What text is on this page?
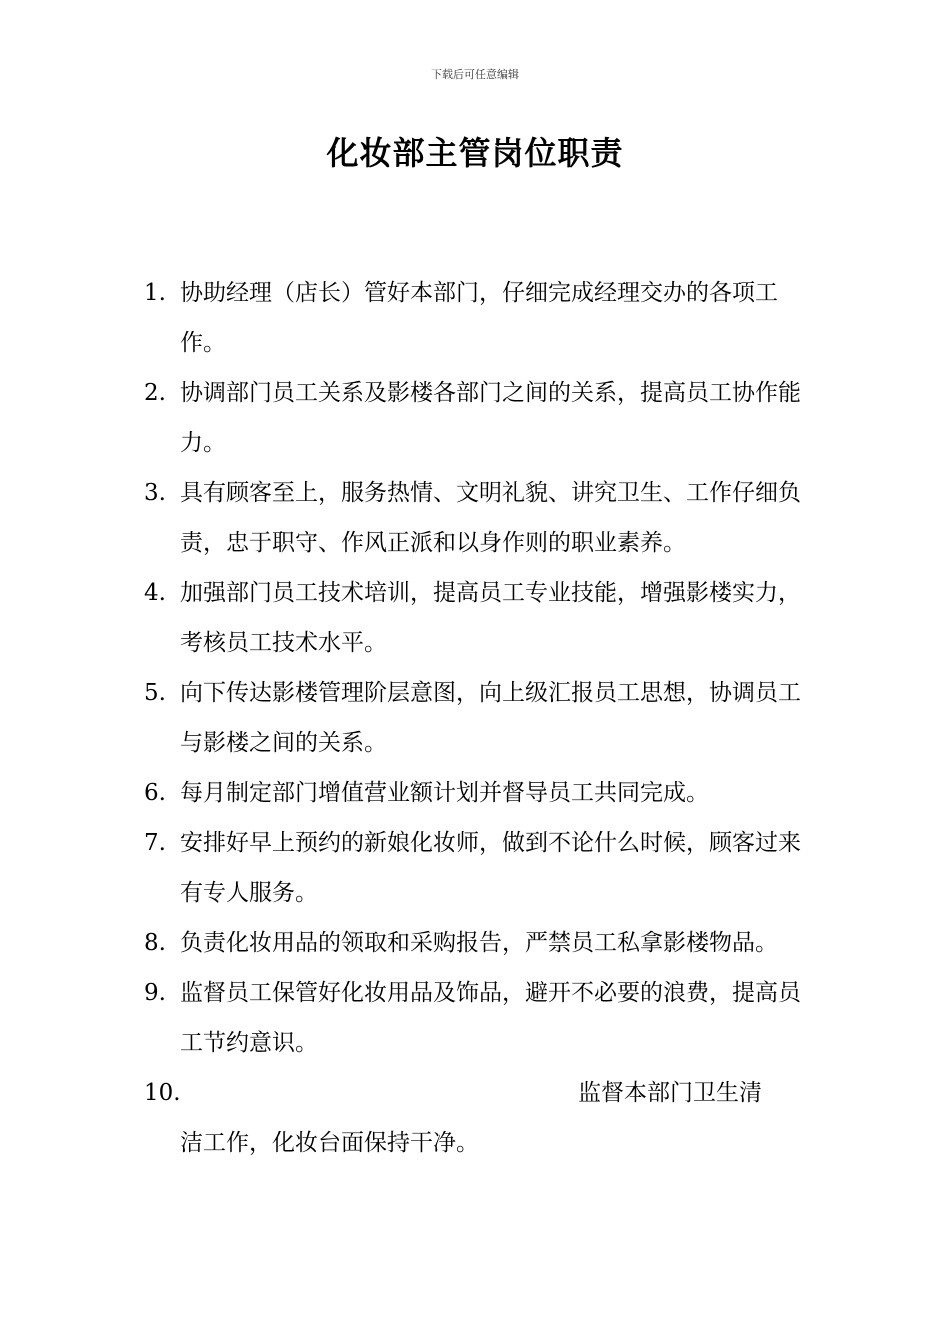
下载后可任意编辑
化妆部主管岗位职责
1. 协助经理（店长）管好本部门，仔细完成经理交办的各项工作。
2. 协调部门员工关系及影楼各部门之间的关系，提高员工协作能力。
3. 具有顾客至上，服务热情、文明礼貌、讲究卫生、工作仔细负责，忠于职守、作风正派和以身作则的职业素养。
4. 加强部门员工技术培训，提高员工专业技能，增强影楼实力，考核员工技术水平。
5. 向下传达影楼管理阶层意图，向上级汇报员工思想，协调员工与影楼之间的关系。
6. 每月制定部门增值营业额计划并督导员工共同完成。
7. 安排好早上预约的新娘化妆师，做到不论什么时候，顾客过来有专人服务。
8. 负责化妆用品的领取和采购报告，严禁员工私拿影楼物品。
9. 监督员工保管好化妆用品及饰品，避开不必要的浪费，提高员工节约意识。
10.	监督本部门卫生清
洁工作，化妆台面保持干净。
